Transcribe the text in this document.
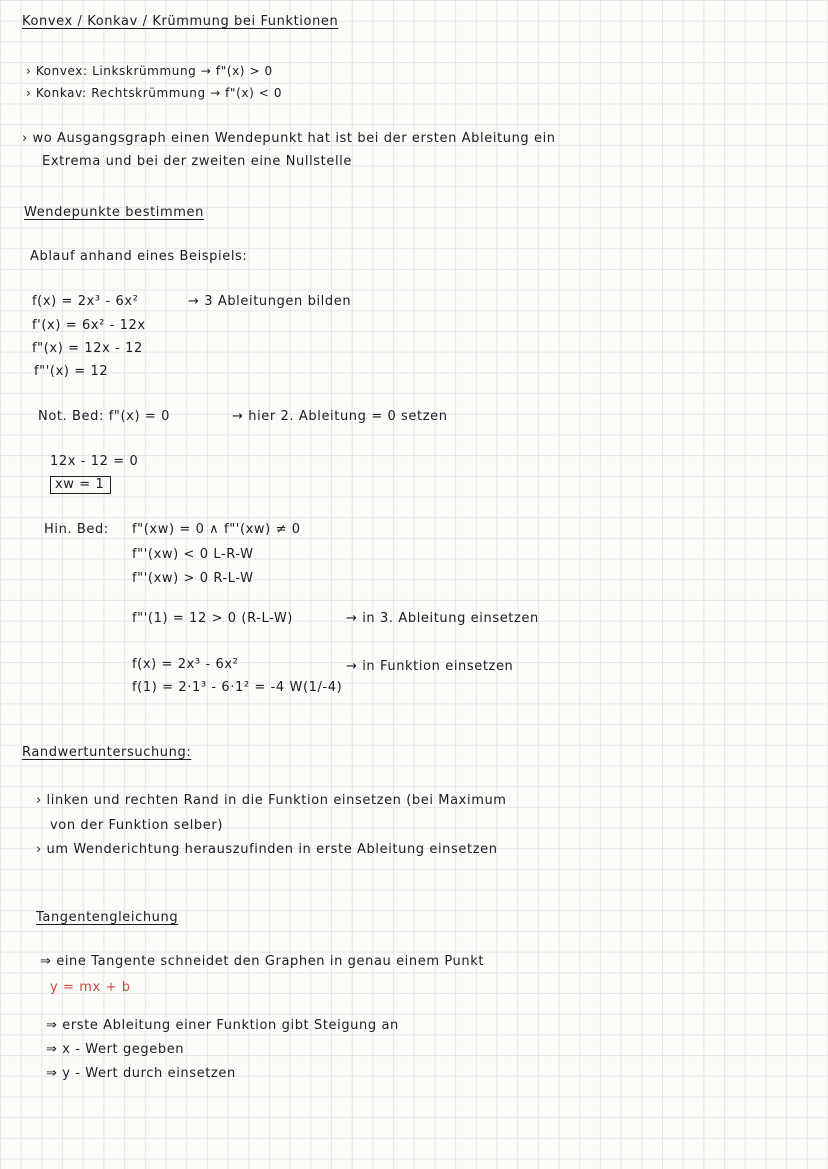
Konvex / Konkav / Krümmung bei Funktionen
› Konvex: Linkskrümmung → f"(x) > 0
› Konkav: Rechtskrümmung → f"(x) < 0
› wo Ausgangsgraph einen Wendepunkt hat ist bei der ersten Ableitung ein
Extrema und bei der zweiten eine Nullstelle
Wendepunkte bestimmen
Ablauf anhand eines Beispiels:
f(x) = 2x³ - 6x²	→ 3 Ableitungen bilden
f'(x) = 6x² - 12x
f"(x) = 12x - 12
f"'(x) = 12
Not. Bed: f"(x) = 0	→ hier 2. Ableitung = 0 setzen
12x - 12 = 0
xw = 1
Hin. Bed: f"(xw) = 0 ∧ f"'(xw) ≠ 0
f"'(xw) < 0 L-R-W
f"'(xw) > 0 R-L-W
f"'(1) = 12 > 0 (R-L-W)	→ in 3. Ableitung einsetzen
f(x) = 2x³ - 6x²	→ in Funktion einsetzen
f(1) = 2·1³ - 6·1² = -4 W(1/-4)
Randwertuntersuchung:
› linken und rechten Rand in die Funktion einsetzen (bei Maximum
von der Funktion selber)
› um Wenderichtung herauszufinden in erste Ableitung einsetzen
Tangentengleichung
⇒ eine Tangente schneidet den Graphen in genau einem Punkt
y = mx + b
⇒ erste Ableitung einer Funktion gibt Steigung an
⇒ x - Wert gegeben
⇒ y - Wert durch einsetzen
